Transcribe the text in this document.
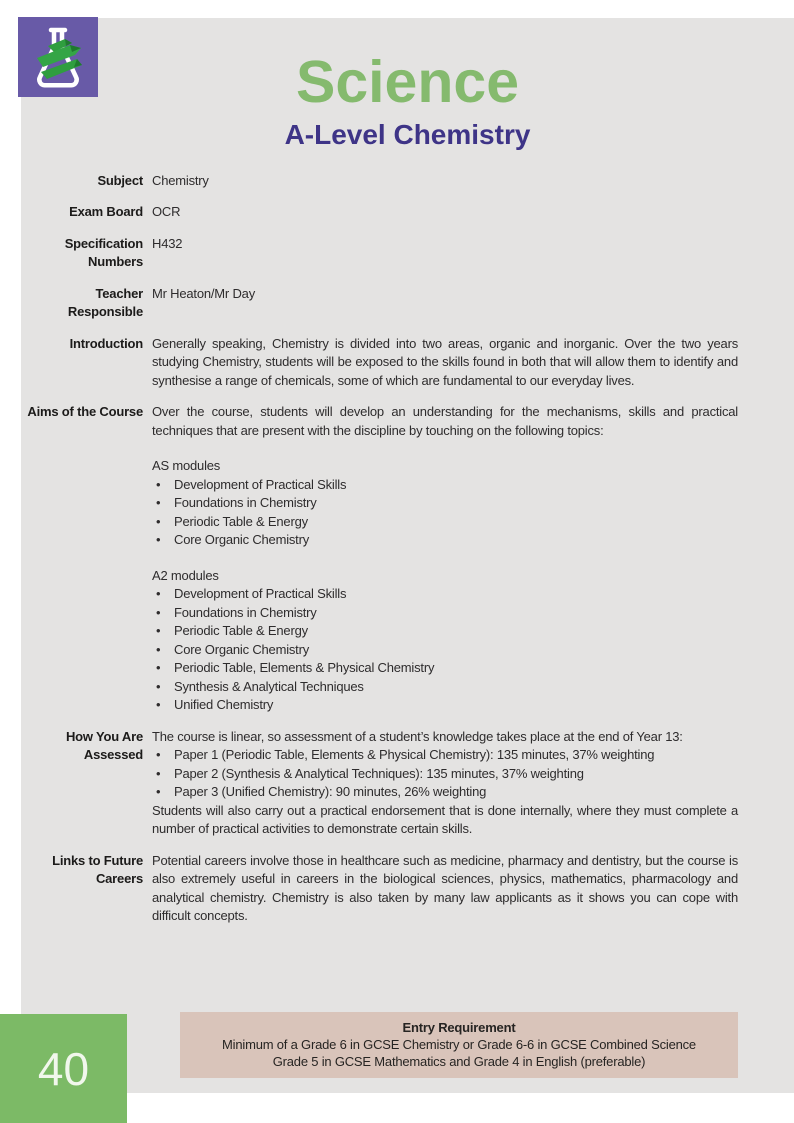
Science
A-Level Chemistry
Subject Chemistry

Exam Board OCR

Specification Numbers

H432

Teacher Responsible

Mr Heaton/Mr Day

Introduction Generally speaking, Chemistry is divided into two areas, organic and inorganic. Over the two years studying Chemistry, students will be exposed to the skills found in both that will allow them to identify and synthesise a range of chemicals, some of which are fundamental to our everyday lives.

Aims of the Course Over the course, students will develop an understanding for the mechanisms, skills and practical techniques that are present with the discipline by touching on the following topics:

AS modules

• Development of Practical Skills
• Foundations in Chemistry
• Periodic Table & Energy
• Core Organic Chemistry

A2 modules

• Development of Practical Skills
• Foundations in Chemistry
• Periodic Table & Energy
• Core Organic Chemistry
• Periodic Table, Elements & Physical Chemistry
• Synthesis & Analytical Techniques
• Unified Chemistry
How You Are Assessed

The course is linear, so assessment of a student’s knowledge takes place at the end of Year 13:

• Paper 1 (Periodic Table, Elements & Physical Chemistry): 135 minutes, 37% weighting
• Paper 2 (Synthesis & Analytical Techniques): 135 minutes, 37% weighting
• Paper 3 (Unified Chemistry): 90 minutes, 26% weighting

Students will also carry out a practical endorsement that is done internally, where they must complete a number of practical activities to demonstrate certain skills.

Links to Future Careers

Potential careers involve those in healthcare such as medicine, pharmacy and dentistry, but the course is also extremely useful in careers in the biological sciences, physics, mathematics, pharmacology and analytical chemistry. Chemistry is also taken by many law applicants as it shows you can cope with difficult concepts.

Entry Requirement
Minimum of a Grade 6 in GCSE Chemistry or Grade 6-6 in GCSE Combined Science
Grade 5 in GCSE Mathematics and Grade 4 in English (preferable)
40
